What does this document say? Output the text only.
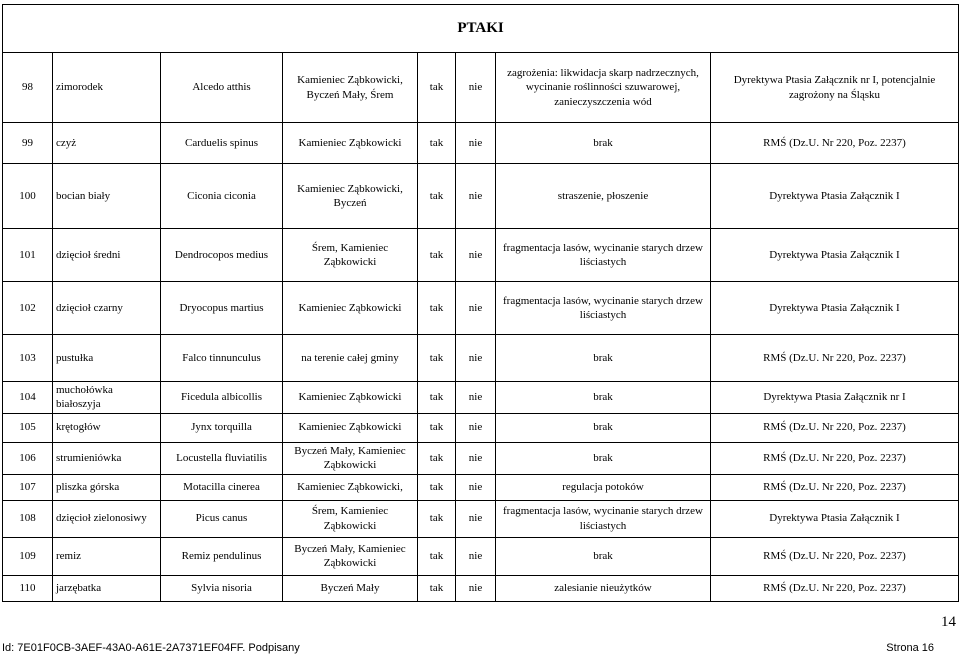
PTAKI							
98	zimorodek	Alcedo atthis	Kamieniec Ząbkowicki, Byczeń Mały, Śrem	tak	nie	zagrożenia: likwidacja skarp nadrzecznych, wycinanie roślinności szuwarowej, zanieczyszczenia wód	Dyrektywa Ptasia Załącznik nr I, potencjalnie zagrożony na Śląsku
99	czyż	Carduelis spinus	Kamieniec Ząbkowicki	tak	nie	brak	RMŚ (Dz.U. Nr 220, Poz. 2237)
100	bocian biały	Ciconia ciconia	Kamieniec Ząbkowicki, Byczeń	tak	nie	straszenie, płoszenie	Dyrektywa Ptasia Załącznik I
101	dzięcioł średni	Dendrocopos medius	Śrem, Kamieniec Ząbkowicki	tak	nie	fragmentacja lasów, wycinanie starych drzew liściastych	Dyrektywa Ptasia Załącznik I
102	dzięcioł czarny	Dryocopus martius	Kamieniec Ząbkowicki	tak	nie	fragmentacja lasów, wycinanie starych drzew liściastych	Dyrektywa Ptasia Załącznik I
103	pustułka	Falco tinnunculus	na terenie całej gminy	tak	nie	brak	RMŚ (Dz.U. Nr 220, Poz. 2237)
104	muchołówka białoszyja	Ficedula albicollis	Kamieniec Ząbkowicki	tak	nie	brak	Dyrektywa Ptasia Załącznik nr I
105	krętogłów	Jynx torquilla	Kamieniec Ząbkowicki	tak	nie	brak	RMŚ (Dz.U. Nr 220, Poz. 2237)
106	strumieniówka	Locustella fluviatilis	Byczeń Mały, Kamieniec Ząbkowicki	tak	nie	brak	RMŚ (Dz.U. Nr 220, Poz. 2237)
107	pliszka górska	Motacilla cinerea	Kamieniec Ząbkowicki,	tak	nie	regulacja potoków	RMŚ (Dz.U. Nr 220, Poz. 2237)
108	dzięcioł zielonosiwy	Picus canus	Śrem, Kamieniec Ząbkowicki	tak	nie	fragmentacja lasów, wycinanie starych drzew liściastych	Dyrektywa Ptasia Załącznik I
109	remiz	Remiz pendulinus	Byczeń Mały, Kamieniec Ząbkowicki	tak	nie	brak	RMŚ (Dz.U. Nr 220, Poz. 2237)
110	jarzębatka	Sylvia nisoria	Byczeń Mały	tak	nie	zalesianie nieużytków	RMŚ (Dz.U. Nr 220, Poz. 2237)
14
Id: 7E01F0CB-3AEF-43A0-A61E-2A7371EF04FF. Podpisany	Strona 16
